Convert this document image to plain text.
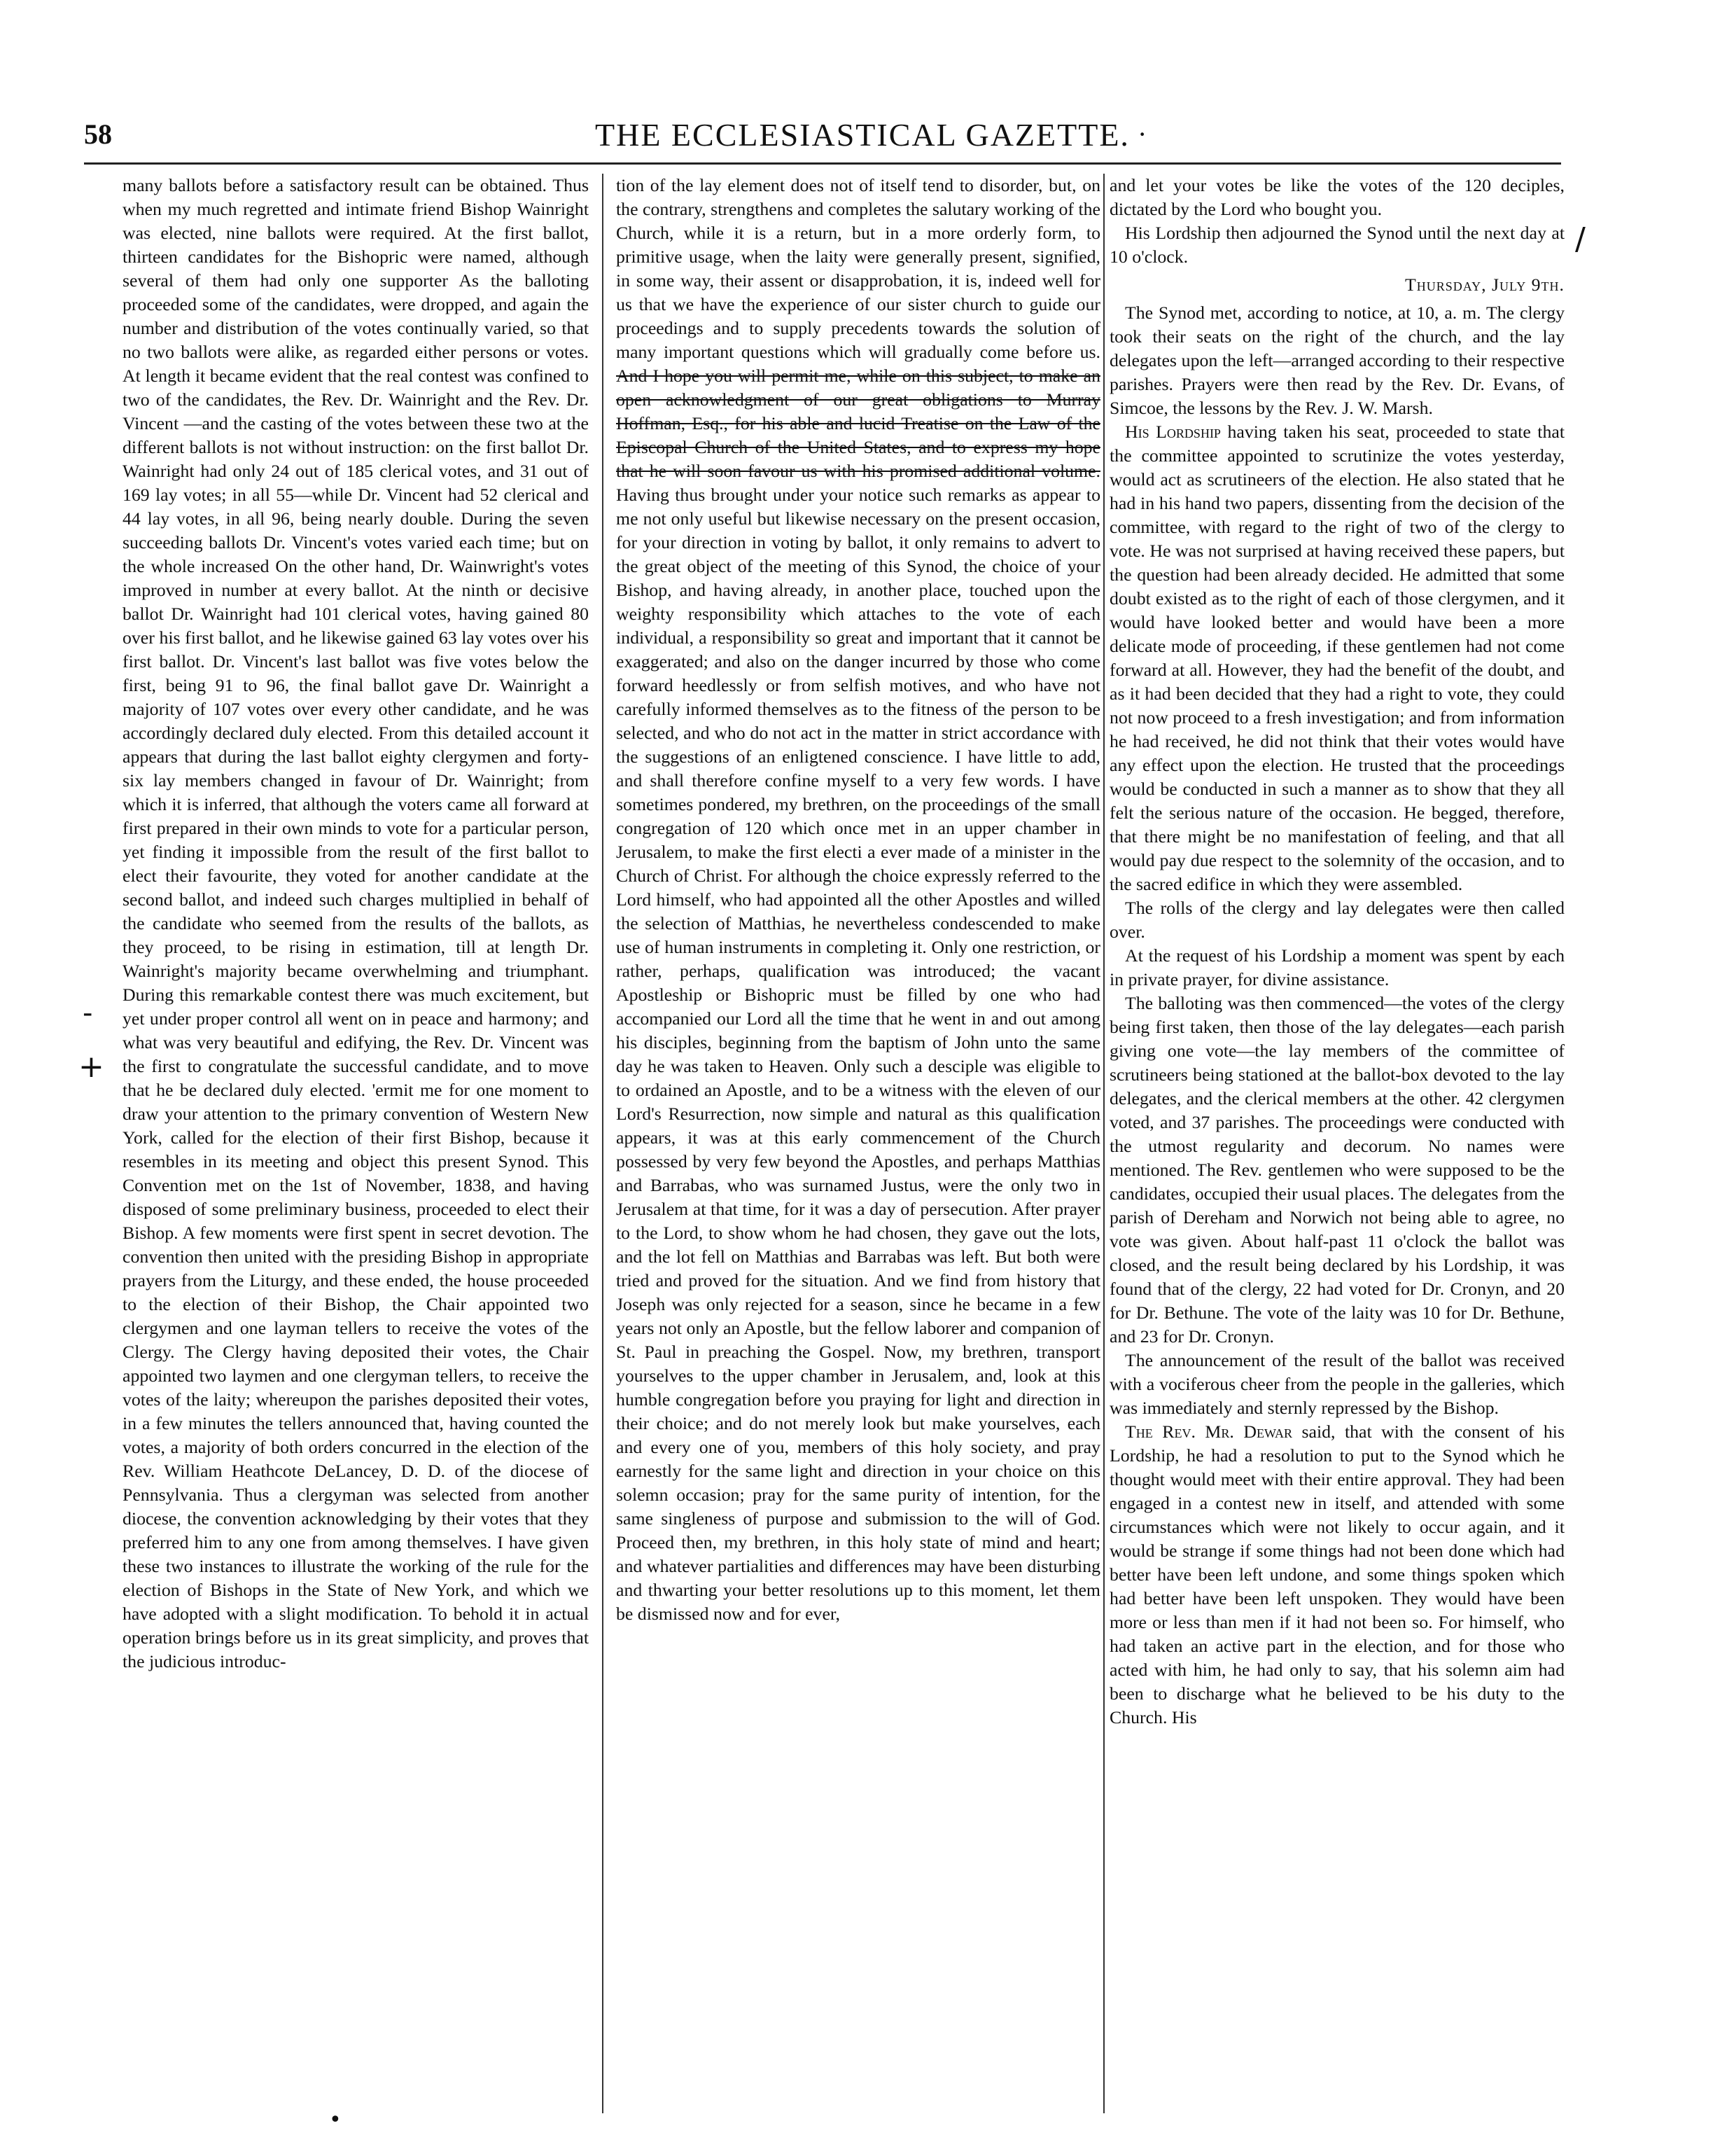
58	THE ECCLESIASTICAL GAZETTE. ·

many ballots before a satisfactory result can be obtained. Thus when my much regretted and intimate friend Bishop Wainright was elected, nine ballots were required. At the first ballot, thirteen candidates for the Bishopric were named, although several of them had only one supporter As the balloting proceeded some of the candidates, were dropped, and again the number and distribution of the votes continually varied, so that no two ballots were alike, as regarded either persons or votes. At length it became evident that the real contest was confined to two of the candidates, the Rev. Dr. Wainright and the Rev. Dr. Vincent —and the casting of the votes between these two at the different ballots is not without instruction: on the first ballot Dr. Wainright had only 24 out of 185 clerical votes, and 31 out of 169 lay votes; in all 55—while Dr. Vincent had 52 clerical and 44 lay votes, in all 96, being nearly double. During the seven succeeding ballots Dr. Vincent's votes varied each time; but on the whole increased On the other hand, Dr. Wainwright's votes improved in number at every ballot. At the ninth or decisive ballot Dr. Wainright had 101 clerical votes, having gained 80 over his first ballot, and he likewise gained 63 lay votes over his first ballot. Dr. Vincent's last ballot was five votes below the first, being 91 to 96, the final ballot gave Dr. Wainright a majority of 107 votes over every other candidate, and he was accordingly declared duly elected. From this detailed account it appears that during the last ballot eighty clergymen and forty-six lay members changed in favour of Dr. Wainright; from which it is inferred, that although the voters came all forward at first prepared in their own minds to vote for a particular person, yet finding it impossible from the result of the first ballot to elect their favourite, they voted for another candidate at the second ballot, and indeed such charges multiplied in behalf of the candidate who seemed from the results of the ballots, as they proceed, to be rising in estimation, till at length Dr. Wainright's majority became overwhelming and triumphant. During this remarkable contest there was much excitement, but yet under proper control all went on in peace and harmony; and what was very beautiful and edifying, the Rev. Dr. Vincent was the first to congratulate the successful candidate, and to move that he be declared duly elected. 'ermit me for one moment to draw your attention to the primary convention of Western New York, called for the election of their first Bishop, because it resembles in its meeting and object this present Synod. This Convention met on the 1st of November, 1838, and having disposed of some preliminary business, proceeded to elect their Bishop. A few moments were first spent in secret devotion. The convention then united with the presiding Bishop in appropriate prayers from the Liturgy, and these ended, the house proceeded to the election of their Bishop, the Chair appointed two clergymen and one layman tellers to receive the votes of the Clergy. The Clergy having deposited their votes, the Chair appointed two laymen and one clergyman tellers, to receive the votes of the laity; whereupon the parishes deposited their votes, in a few minutes the tellers announced that, having counted the votes, a majority of both orders concurred in the election of the Rev. William Heathcote DeLancey, D. D. of the diocese of Pennsylvania. Thus a clergyman was selected from another diocese, the convention acknowledging by their votes that they preferred him to any one from among themselves. I have given these two instances to illustrate the working of the rule for the election of Bishops in the State of New York, and which we have adopted with a slight modification. To behold it in actual operation brings before us in its great simplicity, and proves that the judicious introduc-

tion of the lay element does not of itself tend to disorder, but, on the contrary, strengthens and completes the salutary working of the Church, while it is a return, but in a more orderly form, to primitive usage, when the laity were generally present, signified, in some way, their assent or disapprobation, it is, indeed well for us that we have the experience of our sister church to guide our proceedings and to supply precedents towards the solution of many important questions which will gradually come before us. And I hope you will permit me, while on this subject, to make an open acknowledgment of our great obligations to Murray Hoffman, Esq., for his able and lucid Treatise on the Law of the Episcopal Church of the United States, and to express my hope that he will soon favour us with his promised additional volume. Having thus brought under your notice such remarks as appear to me not only useful but likewise necessary on the present occasion, for your direction in voting by ballot, it only remains to advert to the great object of the meeting of this Synod, the choice of your Bishop, and having already, in another place, touched upon the weighty responsibility which attaches to the vote of each individual, a responsibility so great and important that it cannot be exaggerated; and also on the danger incurred by those who come forward heedlessly or from selfish motives, and who have not carefully informed themselves as to the fitness of the person to be selected, and who do not act in the matter in strict accordance with the suggestions of an enligtened conscience. I have little to add, and shall therefore confine myself to a very few words. I have sometimes pondered, my brethren, on the proceedings of the small congregation of 120 which once met in an upper chamber in Jerusalem, to make the first electi a ever made of a minister in the Church of Christ. For although the choice expressly referred to the Lord himself, who had appointed all the other Apostles and willed the selection of Matthias, he nevertheless condescended to make use of human instruments in completing it. Only one restriction, or rather, perhaps, qualification was introduced; the vacant Apostleship or Bishopric must be filled by one who had accompanied our Lord all the time that he went in and out among his disciples, beginning from the baptism of John unto the same day he was taken to Heaven. Only such a desciple was eligible to to ordained an Apostle, and to be a witness with the eleven of our Lord's Resurrection, now simple and natural as this qualification appears, it was at this early commencement of the Church possessed by very few beyond the Apostles, and perhaps Matthias and Barrabas, who was surnamed Justus, were the only two in Jerusalem at that time, for it was a day of persecution. After prayer to the Lord, to show whom he had chosen, they gave out the lots, and the lot fell on Matthias and Barrabas was left. But both were tried and proved for the situation. And we find from history that Joseph was only rejected for a season, since he became in a few years not only an Apostle, but the fellow laborer and companion of St. Paul in preaching the Gospel. Now, my brethren, transport yourselves to the upper chamber in Jerusalem, and, look at this humble congregation before you praying for light and direction in their choice; and do not merely look but make yourselves, each and every one of you, members of this holy society, and pray earnestly for the same light and direction in your choice on this solemn occasion; pray for the same purity of intention, for the same singleness of purpose and submission to the will of God. Proceed then, my brethren, in this holy state of mind and heart; and whatever partialities and differences may have been disturbing and thwarting your better resolutions up to this moment, let them be dismissed now and for ever,

and let your votes be like the votes of the 120 deciples, dictated by the Lord who bought you.

His Lordship then adjourned the Synod until the next day at 10 o'clock.

Thursday, July 9th.

The Synod met, according to notice, at 10, a. m. The clergy took their seats on the right of the church, and the lay delegates upon the left—arranged according to their respective parishes. Prayers were then read by the Rev. Dr. Evans, of Simcoe, the lessons by the Rev. J. W. Marsh.

His Lordship having taken his seat, proceeded to state that the committee appointed to scrutinize the votes yesterday, would act as scrutineers of the election. He also stated that he had in his hand two papers, dissenting from the decision of the committee, with regard to the right of two of the clergy to vote. He was not surprised at having received these papers, but the question had been already decided. He admitted that some doubt existed as to the right of each of those clergymen, and it would have looked better and would have been a more delicate mode of proceeding, if these gentlemen had not come forward at all. However, they had the benefit of the doubt, and as it had been decided that they had a right to vote, they could not now proceed to a fresh investigation; and from information he had received, he did not think that their votes would have any effect upon the election. He trusted that the proceedings would be conducted in such a manner as to show that they all felt the serious nature of the occasion. He begged, therefore, that there might be no manifestation of feeling, and that all would pay due respect to the solemnity of the occasion, and to the sacred edifice in which they were assembled.

The rolls of the clergy and lay delegates were then called over.

At the request of his Lordship a moment was spent by each in private prayer, for divine assistance.

The balloting was then commenced—the votes of the clergy being first taken, then those of the lay delegates—each parish giving one vote—the lay members of the committee of scrutineers being stationed at the ballot-box devoted to the lay delegates, and the clerical members at the other. 42 clergymen voted, and 37 parishes. The proceedings were conducted with the utmost regularity and decorum. No names were mentioned. The Rev. gentlemen who were supposed to be the candidates, occupied their usual places. The delegates from the parish of Dereham and Norwich not being able to agree, no vote was given. About half-past 11 o'clock the ballot was closed, and the result being declared by his Lordship, it was found that of the clergy, 22 had voted for Dr. Cronyn, and 20 for Dr. Bethune. The vote of the laity was 10 for Dr. Bethune, and 23 for Dr. Cronyn.

The announcement of the result of the ballot was received with a vociferous cheer from the people in the galleries, which was immediately and sternly repressed by the Bishop.

The Rev. Mr. Dewar said, that with the consent of his Lordship, he had a resolution to put to the Synod which he thought would meet with their entire approval. They had been engaged in a contest new in itself, and attended with some circumstances which were not likely to occur again, and it would be strange if some things had not been done which had better have been left undone, and some things spoken which had better have been left unspoken. They would have been more or less than men if it had not been so. For himself, who had taken an active part in the election, and for those who acted with him, he had only to say, that his solemn aim had been to discharge what he believed to be his duty to the Church. His

-
+
/
•
